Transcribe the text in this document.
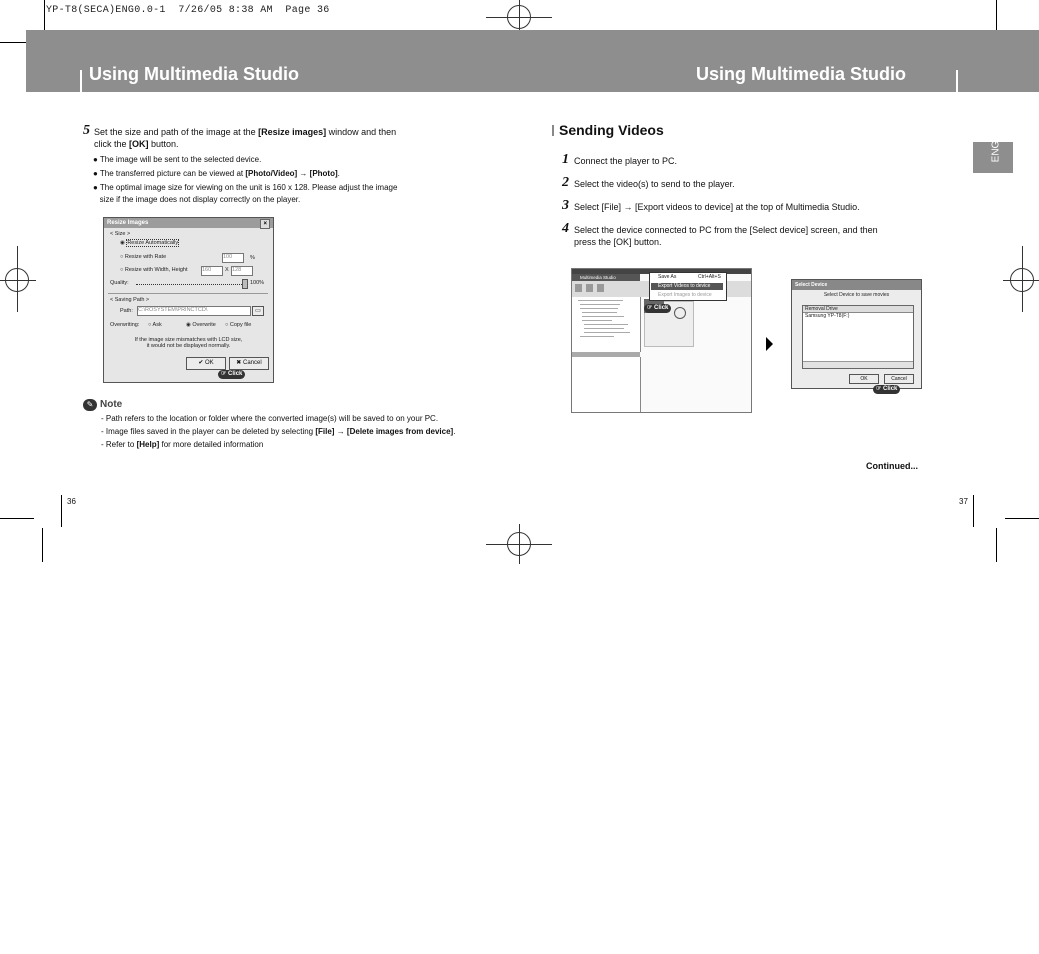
YP-T8(SECA)ENG0.0-1  7/26/05 8:38 AM  Page 36
Using Multimedia Studio	Using Multimedia Studio
ENG
5 Set the size and path of the image at the [Resize images] window and then
click the [OK] button.
● The image will be sent to the selected device.
● The transferred picture can be viewed at [Photo/Video] → [Photo].
● The optimal image size for viewing on the unit is 160 x 128. Please adjust the image
size if the image does not display correctly on the player.
Resize Images	×
< Size >
◉ Resize Automatically
○ Resize with Rate	100	%
○ Resize with Width, Height	160	X 128
Quality:	100%
< Saving Path >
Path: C:\ROSYSTEM\PRINCTCD\	▭
Overwriting: ○ Ask	◉ Overwrite ○ Copy file
If the image size mismatches with LCD size,
it would not be displayed normally.
✔ OK	✖ Cancel
☞ Click
✎ Note
- Path refers to the location or folder where the converted image(s) will be saved to on your PC.
- Image files saved in the player can be deleted by selecting [File] → [Delete images from device].
- Refer to [Help] for more detailed information
36
Sending Videos
1 Connect the player to PC.
2 Select the video(s) to send to the player.
3 Select [File] → [Export videos to device] at the top of Multimedia Studio.
4 Select the device connected to PC from the [Select device] screen, and then
press the [OK] button.
Multimedia Studio	Save As	Ctrl+Alt+S
Export Videos to device
Export Images to device
☞ Click
Select Device
Select Device to save movies
Removal Drive
Samsung YP-T8(F:)
OK	Cancel
☞ Click
Continued...
37
